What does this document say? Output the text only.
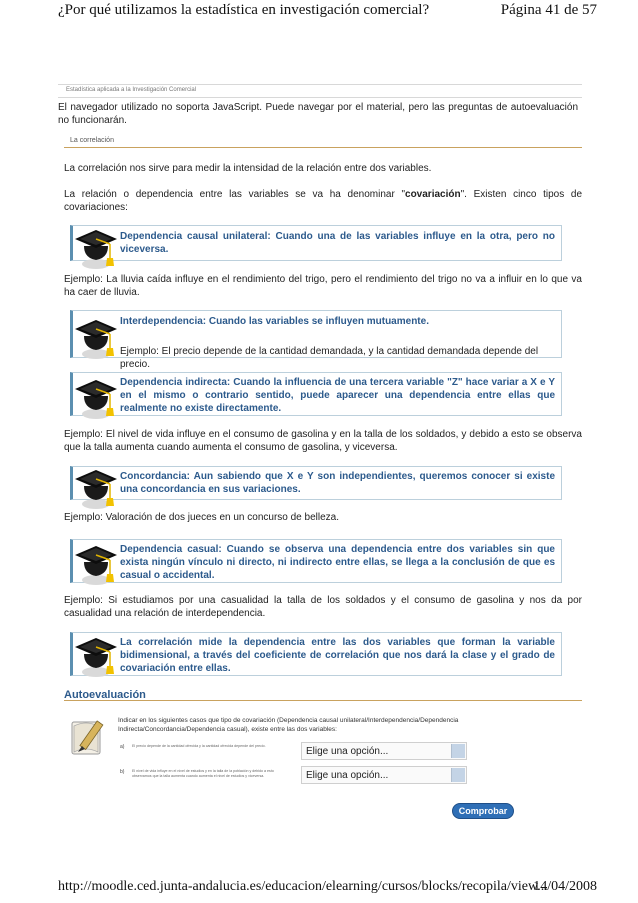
¿Por qué utilizamos la estadística en investigación comercial?	Página 41 de 57
Estadística aplicada a la Investigación Comercial
El navegador utilizado no soporta JavaScript. Puede navegar por el material, pero las preguntas de autoevaluación no funcionarán.
La correlación
La correlación nos sirve para medir la intensidad de la relación entre dos variables.
La relación o dependencia entre las variables se va ha denominar "covariación". Existen cinco tipos de covariaciones:
Dependencia causal unilateral: Cuando una de las variables influye en la otra, pero no viceversa.
Ejemplo: La lluvia caída influye en el rendimiento del trigo, pero el rendimiento del trigo no va a influir en lo que va ha caer de lluvia.
Interdependencia: Cuando las variables se influyen mutuamente.
Ejemplo: El precio depende de la cantidad demandada, y la cantidad demandada depende del precio.
Dependencia indirecta: Cuando la influencia de una tercera variable "Z" hace variar a X e Y en el mismo o contrario sentido, puede aparecer una dependencia entre ellas que realmente no existe directamente.
Ejemplo: El nivel de vida influye en el consumo de gasolina y en la talla de los soldados, y debido a esto se observa que la talla aumenta cuando aumenta el consumo de gasolina, y viceversa.
Concordancia: Aun sabiendo que X e Y son independientes, queremos conocer si existe una concordancia en sus variaciones.
Ejemplo: Valoración de dos jueces en un concurso de belleza.
Dependencia casual: Cuando se observa una dependencia entre dos variables sin que exista ningún vínculo ni directo, ni indirecto entre ellas, se llega a la conclusión de que es casual o accidental.
Ejemplo: Si estudiamos por una casualidad la talla de los soldados y el consumo de gasolina y nos da por casualidad una relación de interdependencia.
La correlación mide la dependencia entre las dos variables que forman la variable bidimensional, a través del coeficiente de correlación que nos dará la clase y el grado de covariación entre ellas.
Autoevaluación
Indicar en los siguientes casos que tipo de covariación (Dependencia causal unilateral/Interdependencia/Dependencia Indirecta/Concordancia/Dependencia casual), existe entre las dos variables:
a) El precio depende de la cantidad ofrecida y la cantidad ofrecida depende del precio.	Elige una opción...
b) El nivel de vida influye en el nivel de estudios y en la talla de la población y debido a esto observamos que la talla aumenta cuando aumenta el nivel de estudios y viceversa.	Elige una opción...
Comprobar
http://moodle.ced.junta-andalucia.es/educacion/elearning/cursos/blocks/recopila/view...
14/04/2008
